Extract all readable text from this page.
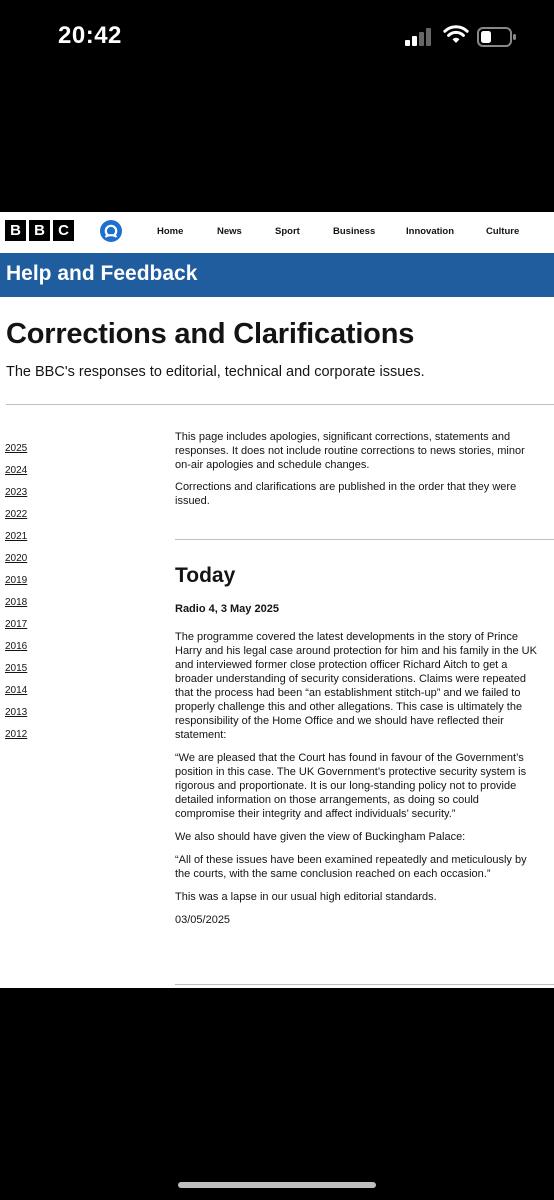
20:42
B B C	Home	News	Sport	Business	Innovation	Culture
Help and Feedback
Corrections and Clarifications

The BBC's responses to editorial, technical and corporate issues.

2025
2024
2023
2022
2021
2020
2019
2018
2017
2016
2015
2014
2013
2012

This page includes apologies, significant corrections, statements and responses. It does not include routine corrections to news stories, minor on-air apologies and schedule changes.

Corrections and clarifications are published in the order that they were issued.

Today
Radio 4, 3 May 2025

The programme covered the latest developments in the story of Prince Harry and his legal case around protection for him and his family in the UK and interviewed former close protection officer Richard Aitch to get a broader understanding of security considerations. Claims were repeated that the process had been “an establishment stitch-up” and we failed to properly challenge this and other allegations. This case is ultimately the responsibility of the Home Office and we should have reflected their statement:

“We are pleased that the Court has found in favour of the Government’s position in this case. The UK Government’s protective security system is rigorous and proportionate. It is our long-standing policy not to provide detailed information on those arrangements, as doing so could compromise their integrity and affect individuals’ security.”

We also should have given the view of Buckingham Palace:

“All of these issues have been examined repeatedly and meticulously by the courts, with the same conclusion reached on each occasion.”

This was a lapse in our usual high editorial standards.

03/05/2025
